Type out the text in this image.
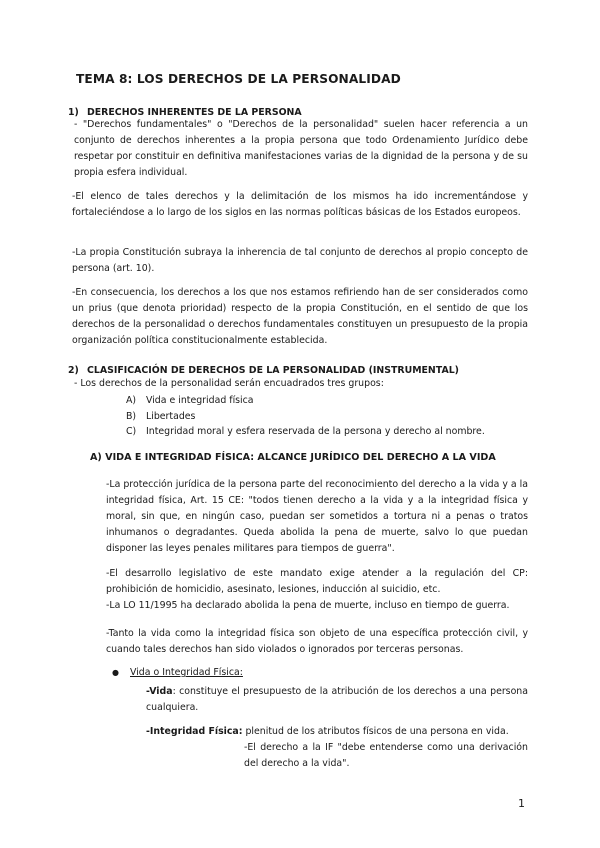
TEMA 8: LOS DERECHOS DE LA PERSONALIDAD
1) DERECHOS INHERENTES DE LA PERSONA

- "Derechos fundamentales" o "Derechos de la personalidad" suelen hacer referencia a un conjunto de derechos inherentes a la propia persona que todo Ordenamiento Jurídico debe respetar por constituir en definitiva manifestaciones varias de la dignidad de la persona y de su propia esfera individual.

-El elenco de tales derechos y la delimitación de los mismos ha ido incrementándose y fortaleciéndose a lo largo de los siglos en las normas políticas básicas de los Estados europeos.

-La propia Constitución subraya la inherencia de tal conjunto de derechos al propio concepto de persona (art. 10).

-En consecuencia, los derechos a los que nos estamos refiriendo han de ser considerados como un prius (que denota prioridad) respecto de la propia Constitución, en el sentido de que los derechos de la personalidad o derechos fundamentales constituyen un presupuesto de la propia organización política constitucionalmente establecida.

2) CLASIFICACIÓN DE DERECHOS DE LA PERSONALIDAD (INSTRUMENTAL)

- Los derechos de la personalidad serán encuadrados tres grupos:

A) Vida e integridad física
B) Libertades
C) Integridad moral y esfera reservada de la persona y derecho al nombre.
A) VIDA E INTEGRIDAD FÍSICA: ALCANCE JURÍDICO DEL DERECHO A LA VIDA

-La protección jurídica de la persona parte del reconocimiento del derecho a la vida y a la integridad física, Art. 15 CE: "todos tienen derecho a la vida y a la integridad física y moral, sin que, en ningún caso, puedan ser sometidos a tortura ni a penas o tratos inhumanos o degradantes. Queda abolida la pena de muerte, salvo lo que puedan disponer las leyes penales militares para tiempos de guerra".

-El desarrollo legislativo de este mandato exige atender a la regulación del CP: prohibición de homicidio, asesinato, lesiones, inducción al suicidio, etc.

-La LO 11/1995 ha declarado abolida la pena de muerte, incluso en tiempo de guerra.

-Tanto la vida como la integridad física son objeto de una específica protección civil, y cuando tales derechos han sido violados o ignorados por terceras personas.

● Vida o Integridad Física:

-Vida: constituye el presupuesto de la atribución de los derechos a una persona cualquiera.

-Integridad Física: plenitud de los atributos físicos de una persona en vida.

-El derecho a la IF "debe entenderse como una derivación del derecho a la vida".

1
